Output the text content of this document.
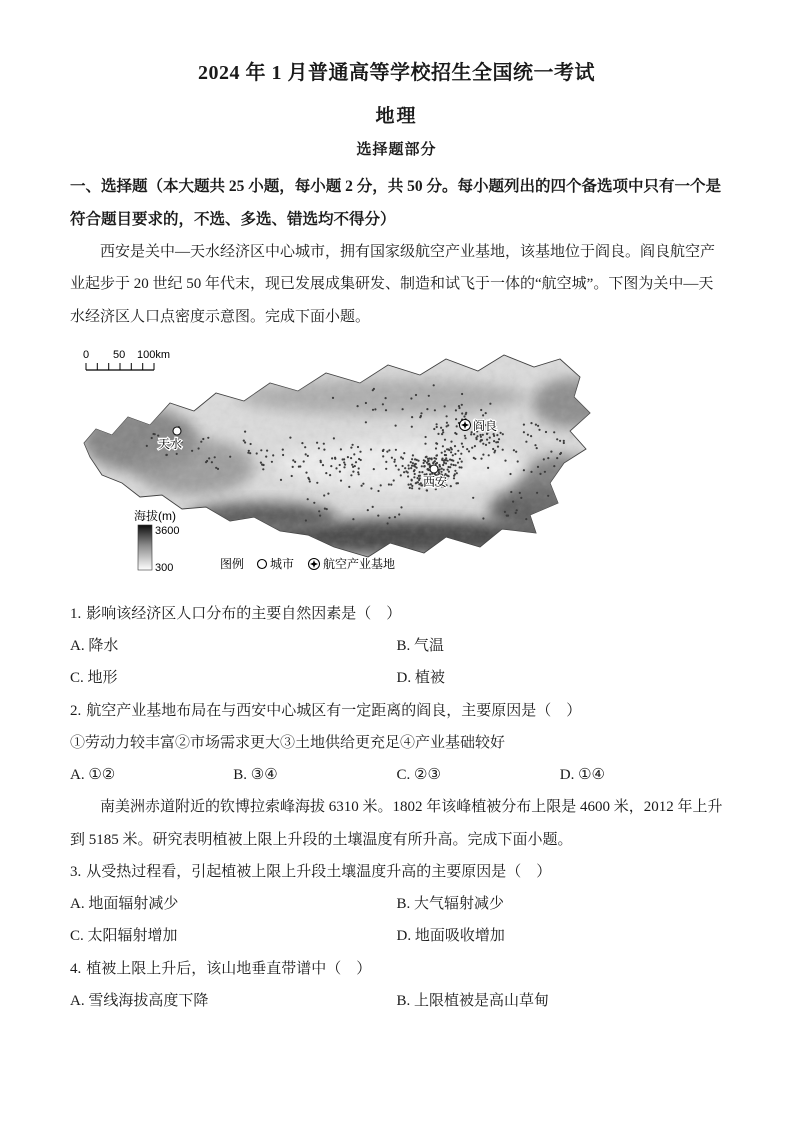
2024 年 1 月普通高等学校招生全国统一考试
地理
选择题部分

一、选择题（本大题共 25 小题，每小题 2 分，共 50 分。每小题列出的四个备选项中只有一个是符合题目要求的，不选、多选、错选均不得分）

西安是关中—天水经济区中心城市，拥有国家级航空产业基地，该基地位于阎良。阎良航空产业起步于 20 世纪 50 年代末，现已发展成集研发、制造和试飞于一体的“航空城”。下图为关中—天水经济区人口点密度示意图。完成下面小题。

0 50 100km
天水
阎良
西安
海拔(m)
3600
300	图例 城市 航空产业基地

1. 影响该经济区人口分布的主要自然因素是（　）

A. 降水	B. 气温
C. 地形	D. 植被

2. 航空产业基地布局在与西安中心城区有一定距离的阎良，主要原因是（　）

①劳动力较丰富②市场需求更大③土地供给更充足④产业基础较好

A. ①②	B. ③④	C. ②③	D. ①④

南美洲赤道附近的钦博拉索峰海拔 6310 米。1802 年该峰植被分布上限是 4600 米，2012 年上升到 5185 米。研究表明植被上限上升段的土壤温度有所升高。完成下面小题。

3. 从受热过程看，引起植被上限上升段土壤温度升高的主要原因是（　）

A. 地面辐射减少	B. 大气辐射减少
C. 太阳辐射增加	D. 地面吸收增加

4. 植被上限上升后，该山地垂直带谱中（　）

A. 雪线海拔高度下降	B. 上限植被是高山草甸
